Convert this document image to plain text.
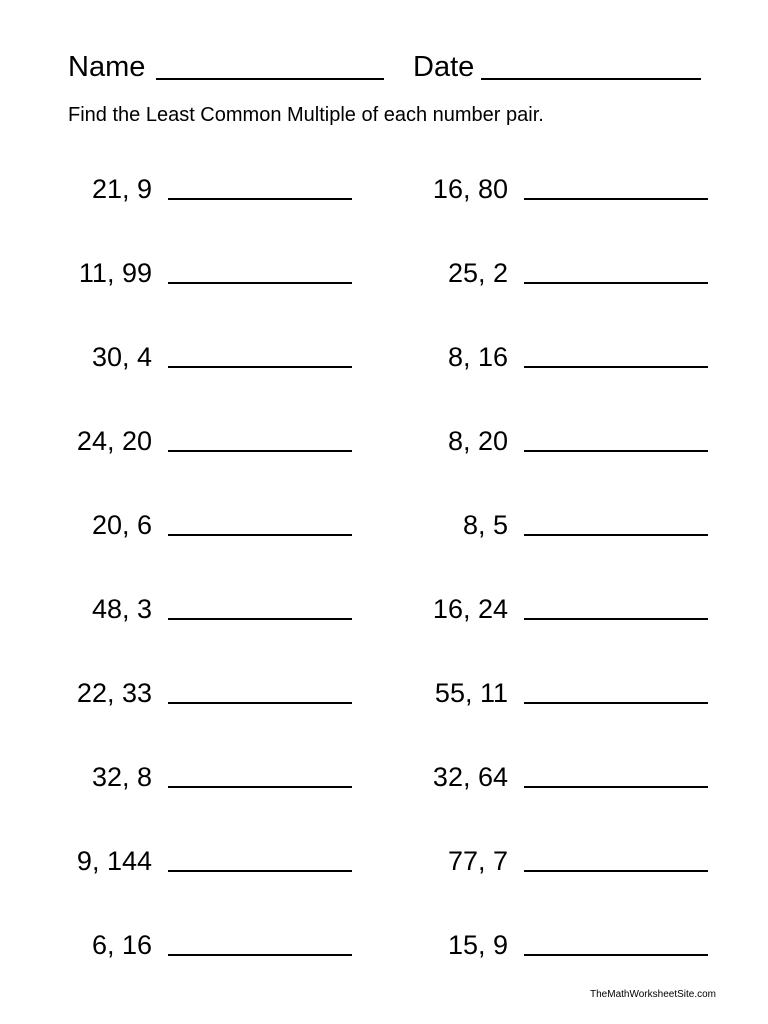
Name	Date
Find the Least Common Multiple of each number pair.
21, 9
11, 99
30, 4
24, 20
20, 6
48, 3
22, 33
32, 8
9, 144
6, 16
16, 80
25, 2
8, 16
8, 20
8, 5
16, 24
55, 11
32, 64
77, 7
15, 9
TheMathWorksheetSite.com
